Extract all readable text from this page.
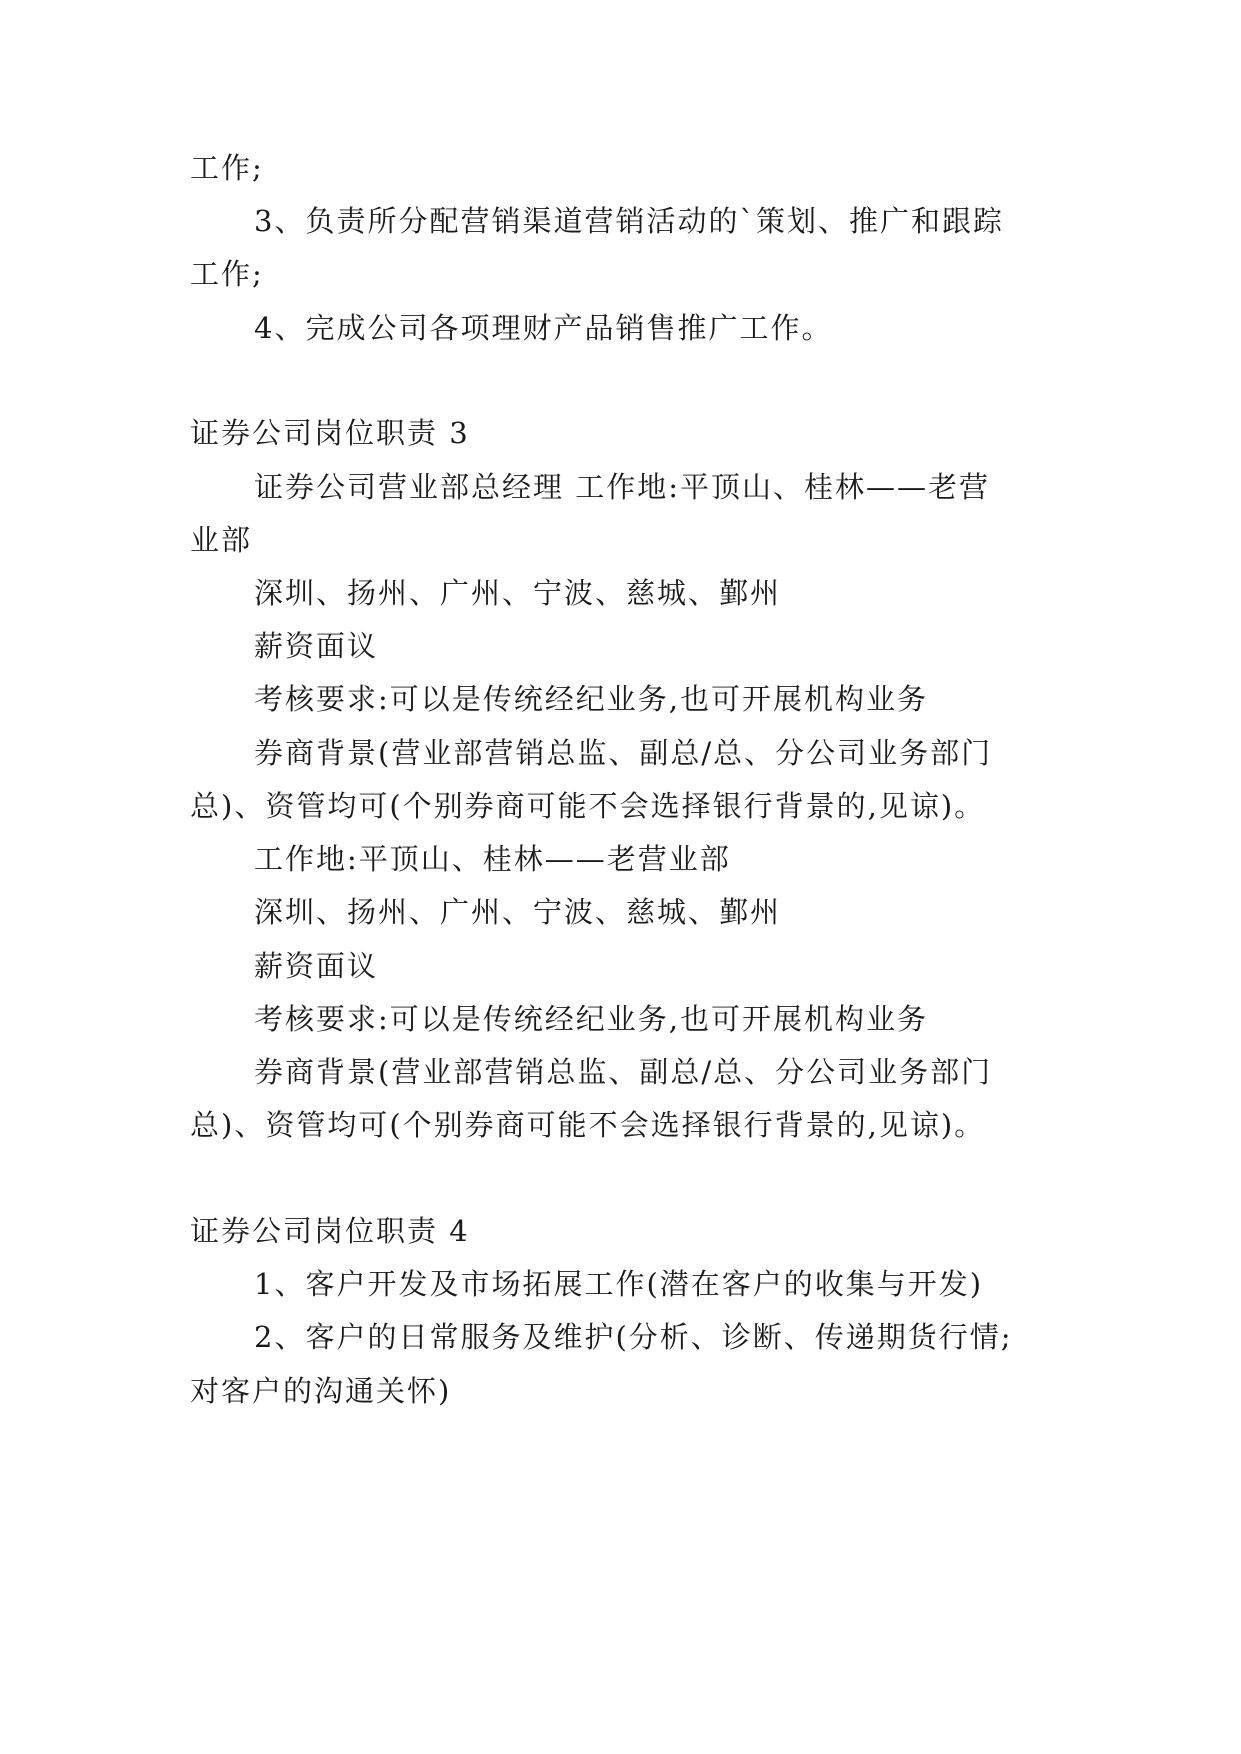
工作;
3、负责所分配营销渠道营销活动的`策划、推广和跟踪
工作;
4、完成公司各项理财产品销售推广工作。
证券公司岗位职责 3
证券公司营业部总经理 工作地:平顶山、桂林——老营
业部
深圳、扬州、广州、宁波、慈城、鄞州
薪资面议
考核要求:可以是传统经纪业务,也可开展机构业务
券商背景(营业部营销总监、副总/总、分公司业务部门
总)、资管均可(个别券商可能不会选择银行背景的,见谅)。
工作地:平顶山、桂林——老营业部
深圳、扬州、广州、宁波、慈城、鄞州
薪资面议
考核要求:可以是传统经纪业务,也可开展机构业务
券商背景(营业部营销总监、副总/总、分公司业务部门
总)、资管均可(个别券商可能不会选择银行背景的,见谅)。
证券公司岗位职责 4
1、客户开发及市场拓展工作(潜在客户的收集与开发)
2、客户的日常服务及维护(分析、诊断、传递期货行情;
对客户的沟通关怀)
